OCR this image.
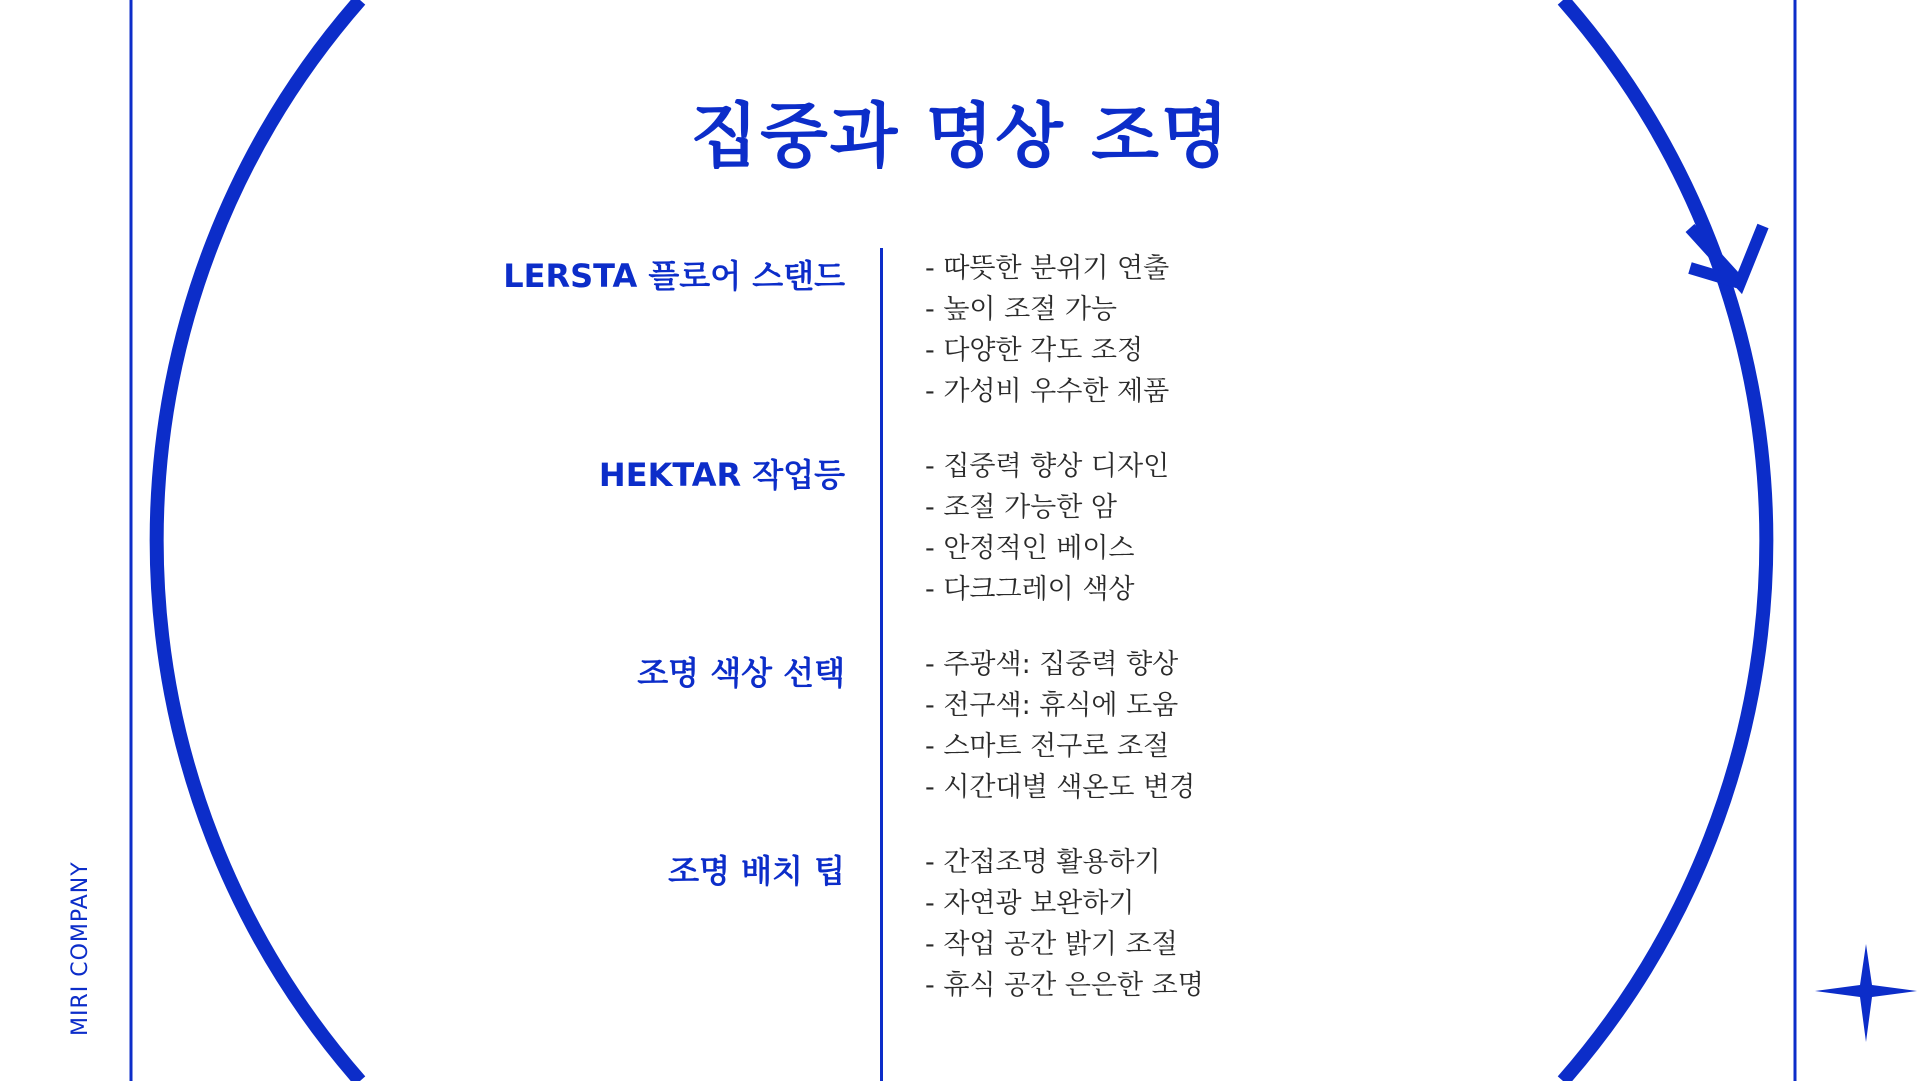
MIRI COMPANY
집중과 명상 조명
LERSTA 플로어 스탠드	- 따뜻한 분위기 연출
- 높이 조절 가능
- 다양한 각도 조정
- 가성비 우수한 제품
HEKTAR 작업등	- 집중력 향상 디자인
- 조절 가능한 암
- 안정적인 베이스
- 다크그레이 색상
조명 색상 선택	- 주광색: 집중력 향상
- 전구색: 휴식에 도움
- 스마트 전구로 조절
- 시간대별 색온도 변경
조명 배치 팁	- 간접조명 활용하기
- 자연광 보완하기
- 작업 공간 밝기 조절
- 휴식 공간 은은한 조명
